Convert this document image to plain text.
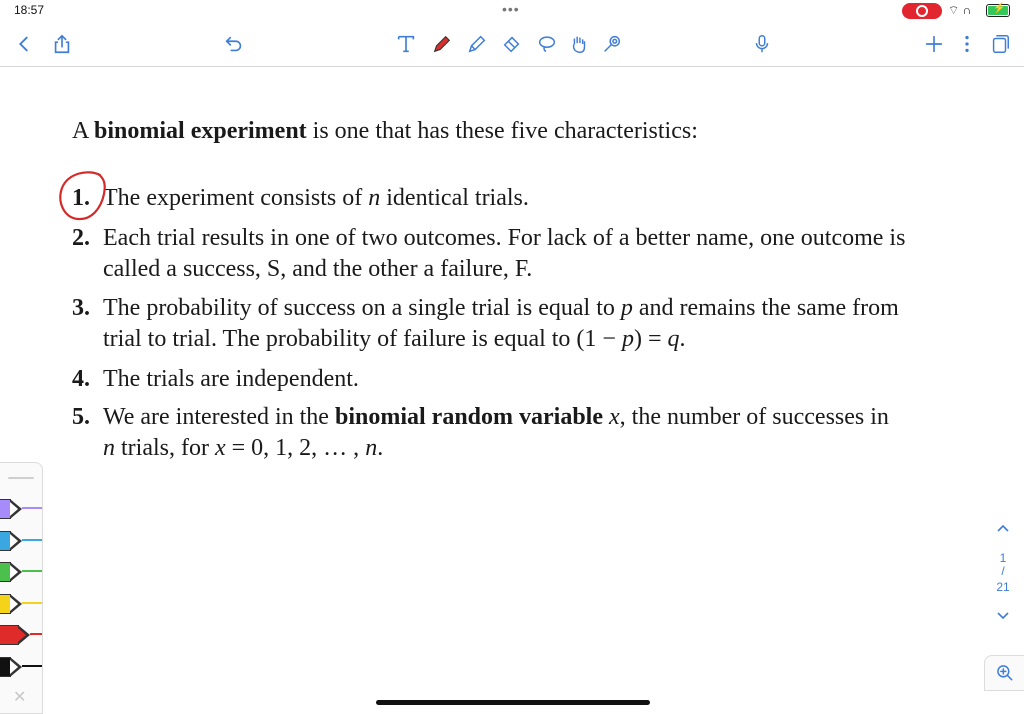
18:57	•••	⌔ ∩ ⚡
A binomial experiment is one that has these five characteristics:
1. The experiment consists of n identical trials.
2. Each trial results in one of two outcomes. For lack of a better name, one outcome is
called a success, S, and the other a failure, F.
3. The probability of success on a single trial is equal to p and remains the same from
trial to trial. The probability of failure is equal to (1 − p) = q.
4. The trials are independent.
5. We are interested in the binomial random variable x, the number of successes in
n trials, for x = 0, 1, 2, … , n.
✕
1
/
21
